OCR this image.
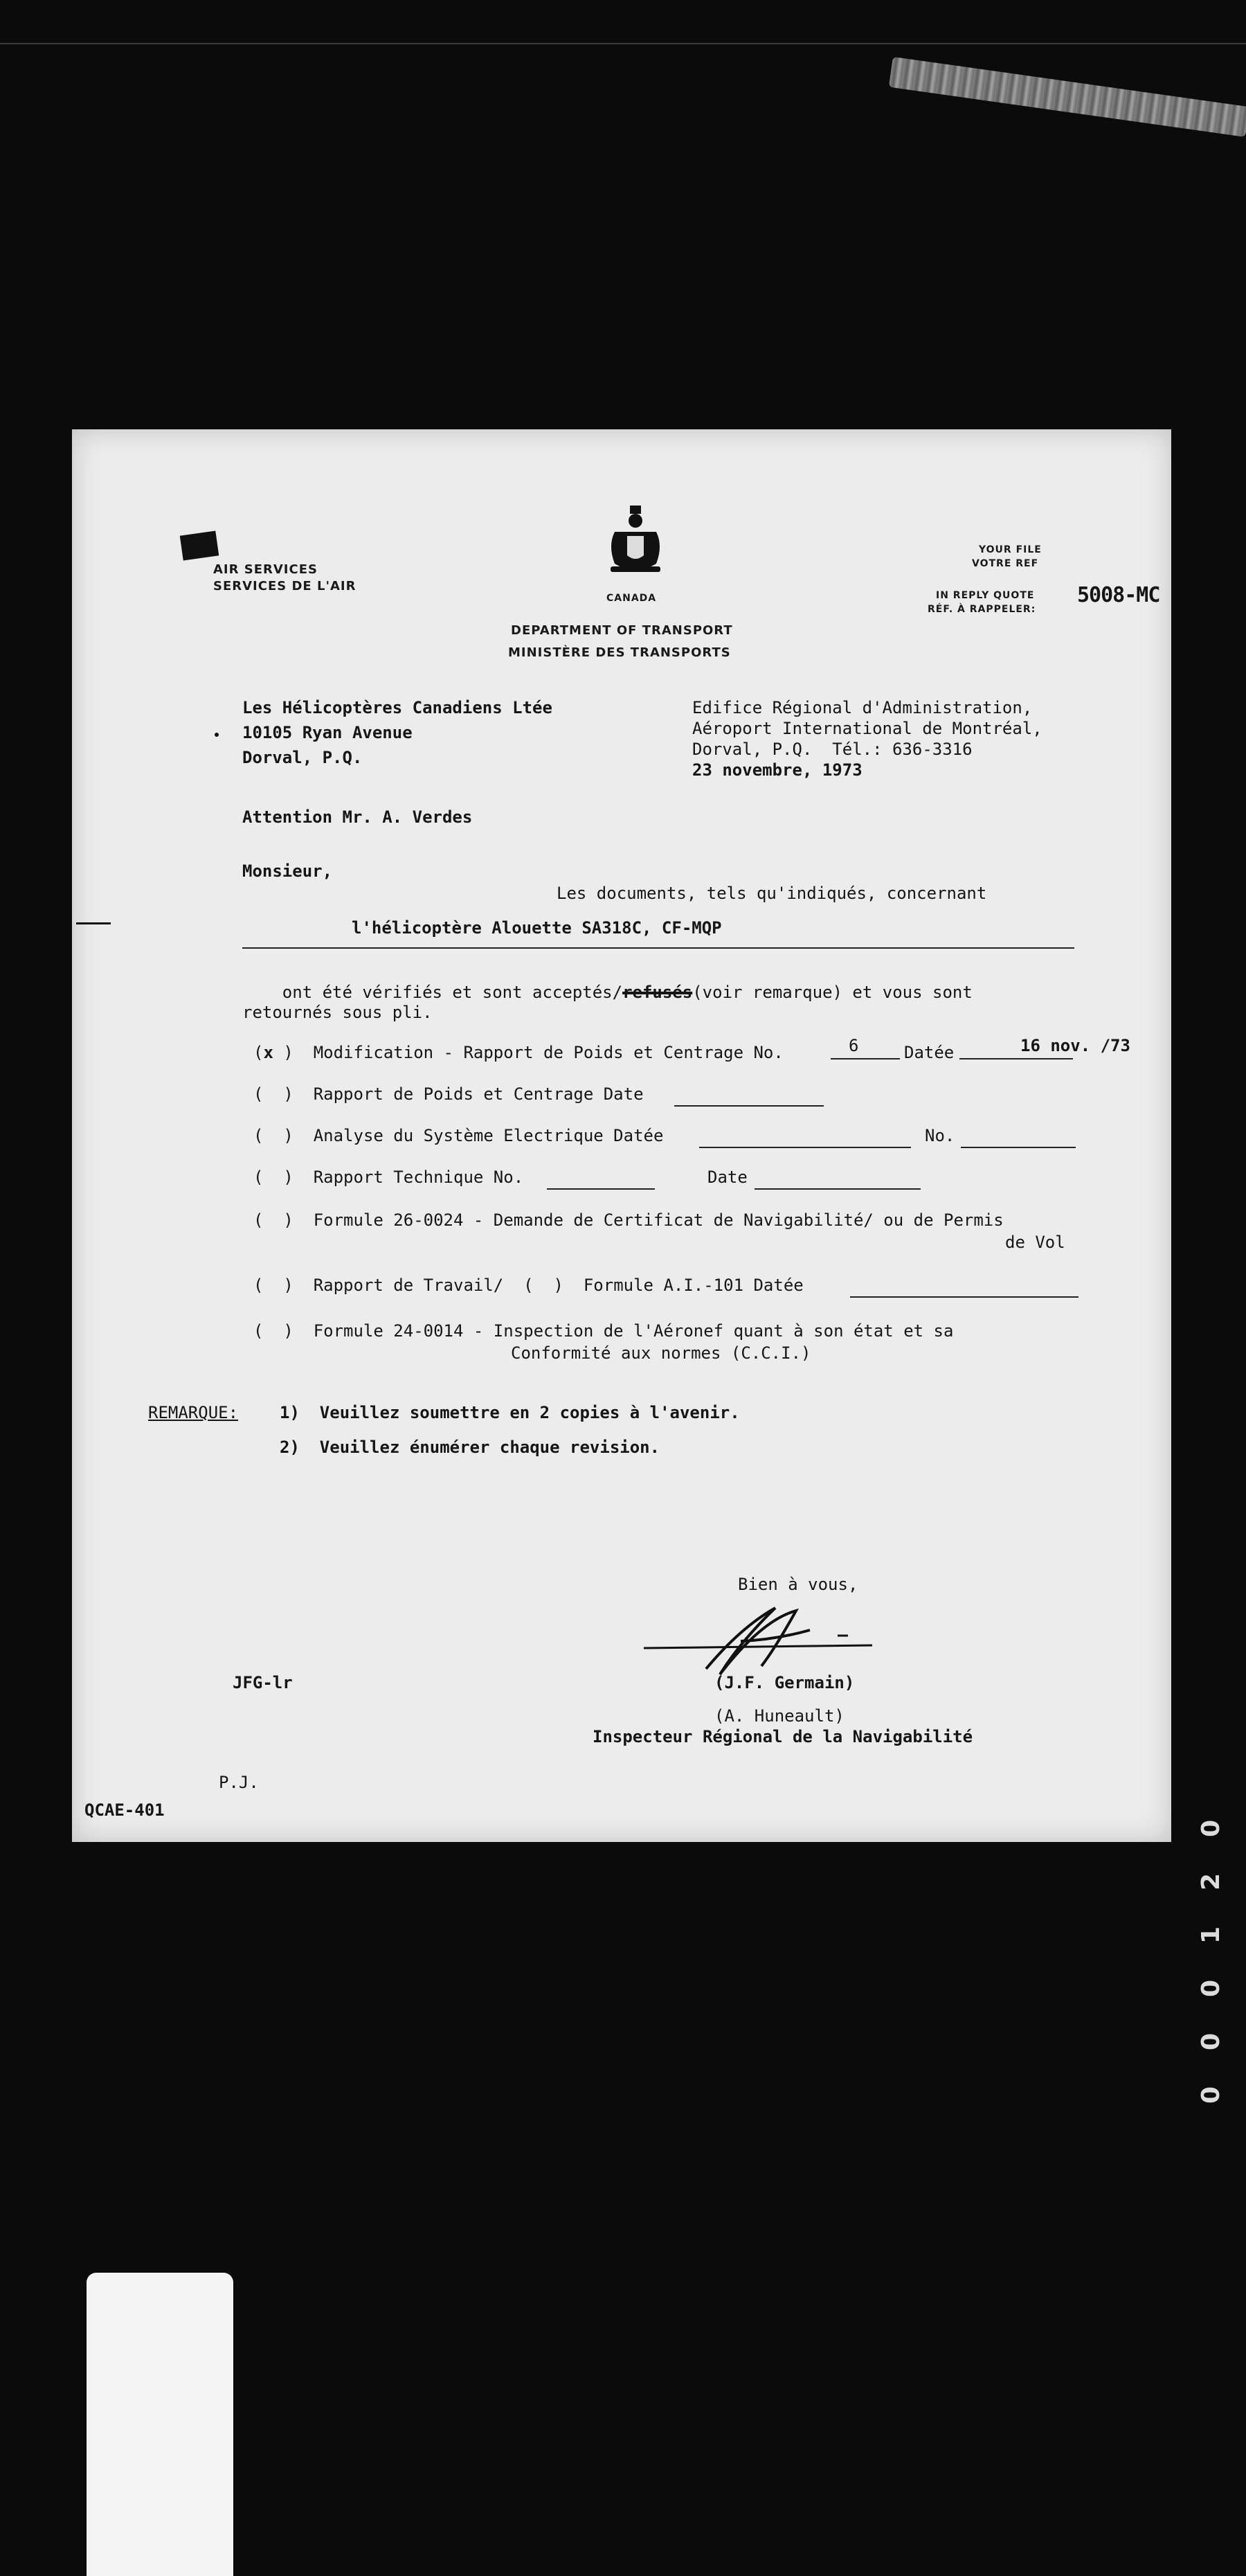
AIR SERVICES
SERVICES DE L'AIR
CANADA
DEPARTMENT OF TRANSPORT
MINISTÈRE DES TRANSPORTS
YOUR FILE
VOTRE REF
IN REPLY QUOTE
RÉF. À RAPPELER:
5008-MC
Les Hélicoptères Canadiens Ltée
10105 Ryan Avenue
Dorval, P.Q.
Edifice Régional d'Administration,
Aéroport International de Montréal,
Dorval, P.Q.  Tél.: 636-3316
23 novembre, 1973
Attention Mr. A. Verdes
Monsieur,
Les documents, tels qu'indiqués, concernant
l'hélicoptère Alouette SA318C, CF-MQP

ont été vérifiés et sont acceptés/refusés(voir remarque) et vous sont

retournés sous pli.
(x )  Modification - Rapport de Poids et Centrage No.	6	Datée	16 nov. /73
(  )  Rapport de Poids et Centrage Date
(  )  Analyse du Système Electrique Datée	No.
(  )  Rapport Technique No.	Date
(  )  Formule 26-0024 - Demande de Certificat de Navigabilité/ ou de Permis
de Vol
(  )  Rapport de Travail/  (  )  Formule A.I.-101 Datée
(  )  Formule 24-0014 - Inspection de l'Aéronef quant à son état et sa
Conformité aux normes (C.C.I.)
REMARQUE: 1)  Veuillez soumettre en 2 copies à l'avenir.
2)  Veuillez énumérer chaque revision.
Bien à vous,
(J.F. Germain)
(A. Huneault)
Inspecteur Régional de la Navigabilité
JFG-lr
P.J.
QCAE-401
0
2
1
0
0
0
